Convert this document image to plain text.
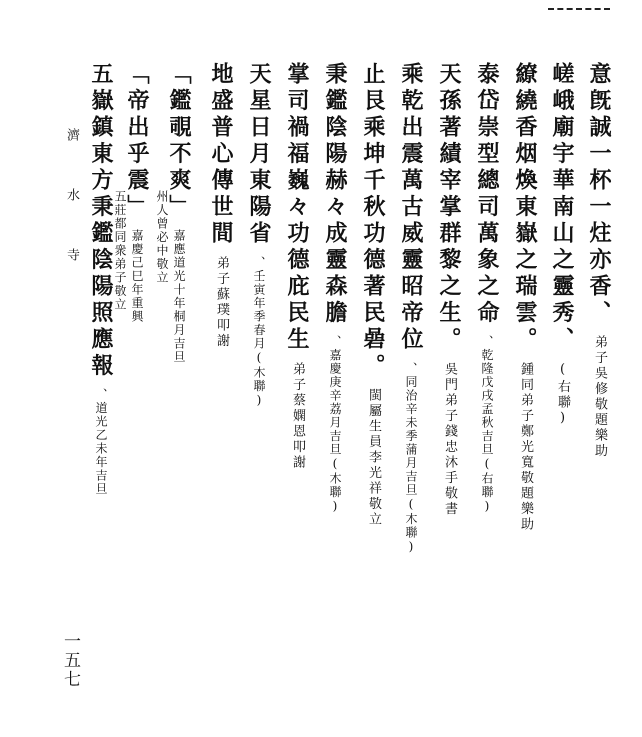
意旣誠一杯一炷亦香、弟子吳修敬題樂助
嵯峨廟宇華南山之靈秀、(右聯)
繚繞香烟煥東嶽之瑞雲。鍾同弟子鄭光寬敬題樂助
泰岱崇型總司萬象之命、乾隆戊戌孟秋吉旦(右聯)
天孫著績宰掌群黎之生。吳門弟子錢忠沐手敬書
乘乾出震萬古威靈昭帝位、同治辛未季蒲月吉旦(木聯)
止艮乘坤千秋功德著民碞。閩屬生員李光祥敬立
秉鑑陰陽赫々成靈森膽、嘉慶庚辛荔月吉旦(木聯)
掌司禍福巍々功德庇民生弟子蔡嫻恩叩謝
天星日月東陽省、壬寅年季春月(木聯)
地盛普心傳世間弟子蘇璞叩謝
「鑑覗不爽」嘉應道光十年桐月吉旦
州人曾必中敬立
「帝出乎震」嘉慶己巳年重興
五莊都同衆弟子敬立
五嶽鎮東方秉鑑陰陽照應報、道光乙未年吉旦
濟 水 寺
一五七
